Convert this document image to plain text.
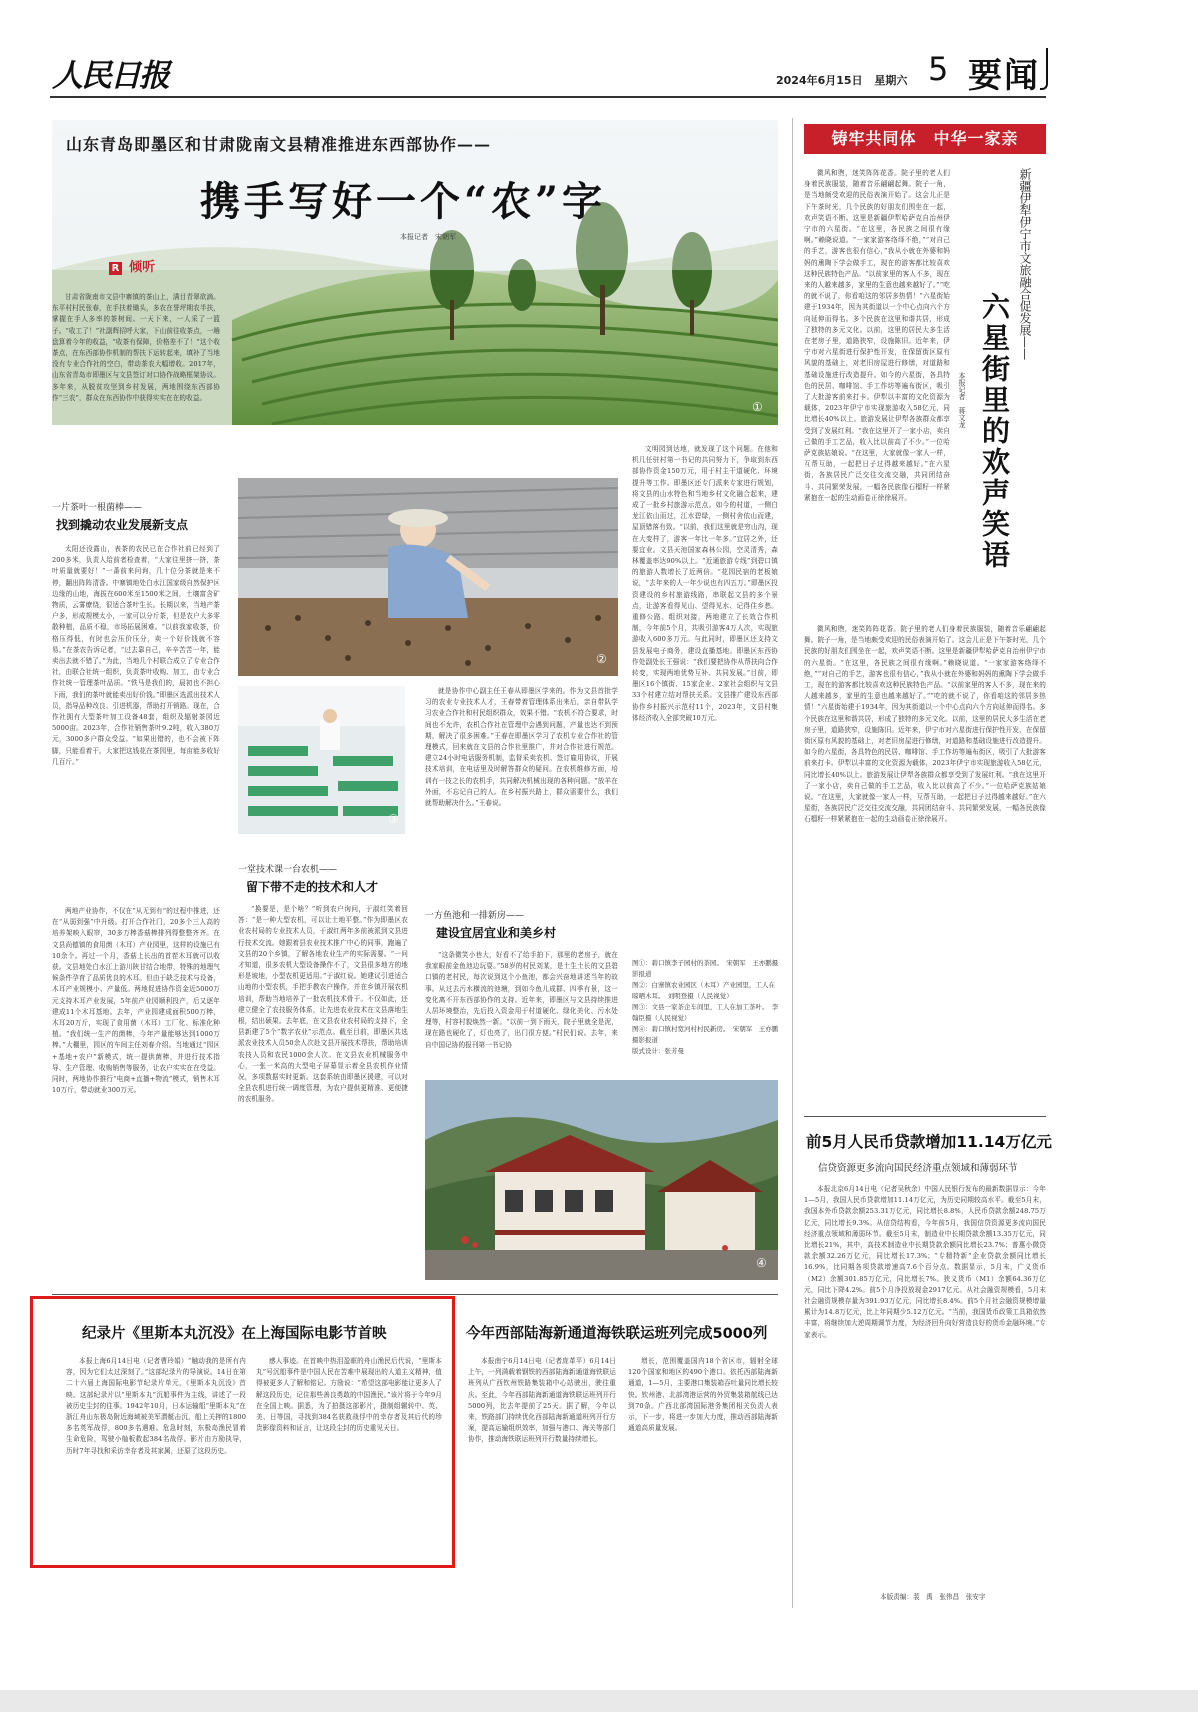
人民日报	2024年6月15日 星期六 5 要闻
①
山东青岛即墨区和甘肃陇南文县精准推进东西部协作——
携手写好一个“农”字
本报记者　宋朝军
R 倾听

甘肃省陇南市文县中寨镇的茶山上，满目青翠欲滴。东平村村民张春，在手扶着锄头，多农在誉坪期农半扶，掌握在手人多率的茶树间。一天下来，一人采了一篮子。“收工了！”社副辉招呼大家，下山前往收茶点，一趟盘算着今年的收益，“收茶有保障，价格差不了！”这个收茶点，在东西部协作机制的帮扶下运转起来，填补了当地没有专业合作社的空白，带动茶农大幅增收。2017年，山东省青岛市即墨区与文县签订对口协作战略框架协议。多年来，从脱贫攻坚到乡村发展，两地围绕东西部协作“三农”，群众在东西协作中获得实实在在的收益。

一片茶叶一根菌棒——
找到撬动农业发展新支点

太阳还没露山，表茶的农民已在合作社前已经到了200多米，负责人给前者检查着，“大家往里挤一挤，茶叶质量就要好！”一番前来问询，几十位分茶就是来不停，翻出阵阵清香。中寨镇地处白水江国家级自然保护区边缘的山地，海拔在600米至1500米之间，土壤富含矿物质，云雾缭绕，很适合茶叶生长。长期以来，当地产茶户多，形成规模太小，一家可以分斤茶，但是农户大多零散种植，品质不稳，市场拓展困难。“以前我家收茶，价格压得低，有时也会压价压分，卖一个好价钱就不容易。”在茶农告诉记者，“过去靠自己，辛辛苦苦一年，能卖出去就不错了。”为此，当地几个村联合成立了专业合作社，由联合社统一组织，负责茶叶收购、加工，由专业合作社统一管理茶叶品质。“铁马是我们的，晨初也不担心下雨，我们的茶叶就能卖出好价钱。”即墨区选派出技术人员，指导品种改良、引进机器，帮助打开销路。现在，合作社拥有大型茶叶加工设备48套，组织及辐射茶园近5000亩。2023年，合作社销售茶叶9.2吨，收入380万元，3000多户群众受益。“如果出错的，也不会被下阵脚，只能看着干。大家把这钱花在茶园里，每亩能多收好几百斤。”

两地产业协作，不仅在“从无到有”的过程中推进，还在“从弱到强”中升级。打开合作社门，20多个三人高的培养架映入眼帘，30多万棒香菇棒排列得整整齐齐。在文县尚德镇的食用菌（木耳）产业园里，这样的设施已有10余个。再过一个月，香菇上长出的首茬木耳就可以收获。文县地处白水江上游川陕甘结合地带，特殊的地理气候条件孕育了品质优良的木耳。但由于缺乏技术与设备，木耳产业规模小、产量低。两地促进协作资金近5000万元支持木耳产业发展，5年前产业园顺利投产，后又逐年建成11个木耳基地。去年，产业园建成面积500万棒，木耳20万斤，实现了食用菌（木耳）工厂化、标准化种植。“我们统一生产的菌棒，今年产量能够达到1000万棒。”大棚里，园区的车间主任刘春介绍。当地通过“园区+基地+农户”新模式，统一提供菌棒，并进行技术指导、生产管理、收购销售等服务，让农户实实在在受益。同时，两地协作推行“电商+直播+物流”模式，销售木耳10万斤，带动就业300万元。

②
③

就是协作中心副主任王春从即墨区学来的。作为文县首批学习的农业专业技术人才，王春带着管理体系出来后，亲自带队学习农业合作社和村民组织群众，效果不错。“农机不符合要求，时间也不允许，农机合作社在管理中会遇到问题，产量也达不到预期，解决了很多困难。”王春在即墨区学习了农机专业合作社的管理模式，回来就在文县的合作社里推广，并对合作社进行规范。建立24小时电话服务机制，监督采卖农机、签订雇用协议，开展技术培训，在电话里及时解答群众的疑问。在农机维修方面，培训有一技之长的农机手，共同解决机械出现的各种问题。“放羊在外面，不忘记自己的人。在乡村振兴路上，群众需要什么，我们就帮助解决什么。”王春说。

一堂技术课一台农机——
留下带不走的技术和人才
一方鱼池和一排新房——
建设宜居宜业和美乡村

“换要是，是个啥？”听到农户询问，于淑红笑着回答：“是一种大型农机，可以让土地平整。”作为即墨区农业农村局的专业技术人员，于淑红两年多前被派到文县进行技术交流。她跟着县农业技术推广中心的同事，跑遍了文县的20个乡镇，了解各地农业生产的实际需要。“一问才知道，很多农机大型设备操作不了，文县很多地方的地形是坡地，小型农机更适用。”于淑红说。她建议引进适合山地的小型农机，手把手教农户操作，并在乡镇开展农机培训，帮助当地培养了一批农机技术骨干。不仅如此，还建立健全了农技服务体系，让先进农业技术在文县落地生根，结出硕果。去年底，在文县农业农村局的支持下，全县新建了5个“数字农业”示范点。截至目前，即墨区共选派农业技术人员50余人次赴文县开展技术帮扶，帮助培训农技人员和农民1000余人次。在文县农业机械服务中心，一张一米高的大型电子屏幕显示着全县农机作业情况，多项数据实时更新。这套系统由即墨区援建，可以对全县农机进行统一调度管理，为农户提供更精准、更便捷的农机服务。

“这条微笑小巷大，好看不了给手拍下，那里的老房子，就在我家眼前金鱼池边玩耍。”58岁的村民刘某，是土生土长的文县碧口镇的老村民，每次说到这个小鱼池，都会兴奋地讲述当年的故事。从过去污水横流的池塘，到如今鱼儿成群、四季有景，这一变化离不开东西部协作的支持。近年来，即墨区与文县持续推进人居环境整治，先后投入资金用于村道硬化、绿化美化、污水处理等，村容村貌焕然一新。“以前一到下雨天，院子里就全是泥，现在路也硬化了，灯也亮了，出门很方便。”村民们说。去年，来自中国记协的报刊第一书记协

文明园到达地，就发现了这个问题。在他和机几任驻村第一书记的共同努力下，争取到东西部协作资金150万元，用于村主干道硬化、环境提升等工作。即墨区还专门派来专家进行规划，将文县的山水特色和当地乡村文化融合起来，建成了一批乡村旅游示范点。如今的村道，一侧白龙江依山而过，江水碧绿，一侧村舍依山而建，屋顶错落有致。“以前，我们这里就是穷山沟，现在大变样了，游客一年比一年多。”宜居之外，还要宜业。文县天池国家森林公园，空灵清秀，森林覆盖率达90%以上。“近通旅游专线”到碧口镇的旅游人数增长了近两倍。“花园民宿的老板娘说，“去年来的人一年少说也有四五万。”即墨区投资建设的乡村旅游线路，串联起文县的多个景点，让游客看得见山、望得见水、记得住乡愁。重修公路、组织对接，两地建立了长效合作机制，今年前5个月，共吸引游客4万人次，实现旅游收入600多万元。与此同时，即墨区还支持文县发展电子商务，建设直播基地。即墨区东西协作处副处长王强说：“我们要把协作从帮扶向合作转变，实现两地优势互补、共同发展。”目前，即墨区16个镇街、15家企业、2家社会组织与文县33个村建立结对帮扶关系。文县推广建设东西部协作乡村振兴示范村11个，2023年，文县村集体经济收入全部突破10万元。

图①：碧口镇李子园村的茶园。　宋朝军　王亦鹏摄影报道
图②：白寨镇农业园区（木耳）产业园里，工人在晾晒木耳。　刘明登摄（人民视觉）
图③：文县一家茶企车间里，工人在加工茶叶。　李翰臣摄（人民视觉）
图④：碧口镇村宽河村村民新房。　宋朝军　王亦鹏摄影报道
版式设计：张芳曼
④
铸牢共同体　中华一家亲
新疆伊犁伊宁市文旅融合促发展——
六星街里的欢声笑语
本报记者　蒋文龙

微风和煦，迷笑阵阵花香。院子里的老人们身着民族服装，随着音乐翩翩起舞。院子一角，是当地颇受欢迎的民俗表演开始了。这会儿正是下午茶时光，几个民族的好朋友们围坐在一起，欢声笑语不断。这里是新疆伊犁哈萨克自治州伊宁市的六星街。“在这里，各民族之间很有缘啊。”赖晓说道。“一家家游客络绎不绝，”“对自己的手艺，游客也很有信心，”我从小就在外婆和妈妈的熏陶下学会做手工，现在的游客都比较喜欢这种民族特色产品。“以前家里的客人不多，现在来的人越来越多，家里的生意也越来越好了。”“吃的就不说了，你看咱这的邻居多热情！”六星街始建于1934年，因为其街道以一个中心点向六个方向延伸而得名。多个民族在这里和谐共居，形成了独特的多元文化。以前，这里的居民大多生活在老房子里，道路狭窄，设施陈旧。近年来，伊宁市对六星街进行保护性开发，在保留街区原有风貌的基础上，对老旧房屋进行修缮，对道路和基础设施进行改造提升。如今的六星街，各具特色的民居、咖啡馆、手工作坊等遍布街区，吸引了大批游客前来打卡。伊犁以丰富的文化资源为载体，2023年伊宁市实现旅游收入58亿元，同比增长40%以上。旅游发展让伊犁各族群众都享受到了发展红利。“我在这里开了一家小店，卖自己做的手工艺品，收入比以前高了不少。”一位哈萨克族姑娘说。“在这里，大家就像一家人一样，互帮互助，一起把日子过得越来越好。”在六星街，各族居民广泛交往交流交融，共同团结奋斗、共同繁荣发展，一幅各民族像石榴籽一样紧紧抱在一起的生动画卷正徐徐展开。

微风和煦，迷笑阵阵花香。院子里的老人们身着民族服装，随着音乐翩翩起舞。院子一角，是当地颇受欢迎的民俗表演开始了。这会儿正是下午茶时光，几个民族的好朋友们围坐在一起，欢声笑语不断。这里是新疆伊犁哈萨克自治州伊宁市的六星街。“在这里，各民族之间很有缘啊。”赖晓说道。“一家家游客络绎不绝，”“对自己的手艺，游客也很有信心，”我从小就在外婆和妈妈的熏陶下学会做手工，现在的游客都比较喜欢这种民族特色产品。“以前家里的客人不多，现在来的人越来越多，家里的生意也越来越好了。”“吃的就不说了，你看咱这的邻居多热情！”六星街始建于1934年，因为其街道以一个中心点向六个方向延伸而得名。多个民族在这里和谐共居，形成了独特的多元文化。以前，这里的居民大多生活在老房子里，道路狭窄，设施陈旧。近年来，伊宁市对六星街进行保护性开发，在保留街区原有风貌的基础上，对老旧房屋进行修缮，对道路和基础设施进行改造提升。如今的六星街，各具特色的民居、咖啡馆、手工作坊等遍布街区，吸引了大批游客前来打卡。伊犁以丰富的文化资源为载体，2023年伊宁市实现旅游收入58亿元，同比增长40%以上。旅游发展让伊犁各族群众都享受到了发展红利。“我在这里开了一家小店，卖自己做的手工艺品，收入比以前高了不少。”一位哈萨克族姑娘说。“在这里，大家就像一家人一样，互帮互助，一起把日子过得越来越好。”在六星街，各族居民广泛交往交流交融，共同团结奋斗、共同繁荣发展，一幅各民族像石榴籽一样紧紧抱在一起的生动画卷正徐徐展开。

前5月人民币贷款增加11.14万亿元
信贷资源更多流向国民经济重点领域和薄弱环节

本报北京6月14日电（记者吴秋余）中国人民银行发布的最新数据显示：今年1—5月，我国人民币贷款增加11.14万亿元，为历史同期较高水平。截至5月末，我国本外币贷款余额253.31万亿元，同比增长8.8%，人民币贷款余额248.75万亿元，同比增长9.3%。从信贷结构看，今年前5月，我国信贷资源更多流向国民经济重点领域和薄弱环节。截至5月末，制造业中长期贷款余额13.35万亿元，同比增长21%，其中，高技术制造业中长期贷款余额同比增长23.7%；普惠小微贷款余额32.26万亿元，同比增长17.3%；“专精特新”企业贷款余额同比增长16.9%，比同期各项贷款增速高7.6个百分点。数据显示，5月末，广义货币（M2）余额301.85万亿元，同比增长7%。狭义货币（M1）余额64.36万亿元，同比下降4.2%。前5个月净投放现金2917亿元。从社会融资规模看，5月末社会融资规模存量为391.93万亿元，同比增长8.4%。前5个月社会融资规模增量累计为14.8万亿元，比上年同期少5.12万亿元。“当前，我国货币政策工具箱依然丰富，将继续加大逆周期调节力度，为经济回升向好营造良好的货币金融环境。”专家表示。

本版责编：裴　禹　张伟昌　张安宇
纪录片《里斯本丸沉没》在上海国际电影节首映

本报上海6月14日电（记者曹玲娟）“触动我的是所有内容，因为它们太过深刻了。”这部纪录片的导演说。14日在第二十六届上海国际电影节纪录片单元，《里斯本丸沉没》首映。这部纪录片以“里斯本丸”沉船事件为主线，讲述了一段被历史尘封的往事。1942年10月，日本运输船“里斯本丸”在浙江舟山东极岛附近海域被美军潜艇击沉，船上关押的1800多名英军战俘，800多名遇难。危急时刻，东极岛渔民冒着生命危险，驾驶小舢板救起384名战俘。影片由方励执导，历时7年寻找和采访幸存者及其家属，还原了这段历史。

感人事迹。在首映中热泪盈眶的舟山渔民后代说，“里斯本丸”号沉船事件是中国人民在苦难中展现出的人道主义精神，值得被更多人了解和铭记。方励说：“希望这部电影能让更多人了解这段历史，记住那些善良勇敢的中国渔民。”该片将于今年9月在全国上映。据悉，为了拍摄这部影片，摄制组辗转中、英、美、日等国，寻找到384名获救战俘中的幸存者及其后代的珍贵影像资料和证言，让这段尘封的历史重见天日。

今年西部陆海新通道海铁联运班列完成5000列

本报南宁6月14日电（记者庞革平）6月14日上午，一列满载着钢铁的西部陆海新通道海铁联运班列从广西钦州铁路集装箱中心站驶出，驶往重庆。至此，今年西部陆海新通道海铁联运班列开行5000列，比去年提前了25天。据了解，今年以来，铁路部门持续优化西部陆海新通道班列开行方案，提高运输组织效率，加强与港口、海关等部门协作，推动海铁联运班列开行数量持续增长。

增长，范围覆盖国内18个省区市，辐射全球120个国家和地区的490个港口。依托西部陆海新通道，1—5月，主要港口集装箱吞吐量同比增长较快。钦州港、北部湾港运营的外贸集装箱航线已达到70条。广西北部湾国际港务集团相关负责人表示，下一步，将进一步加大力度，推动西部陆海新通道高质量发展。
